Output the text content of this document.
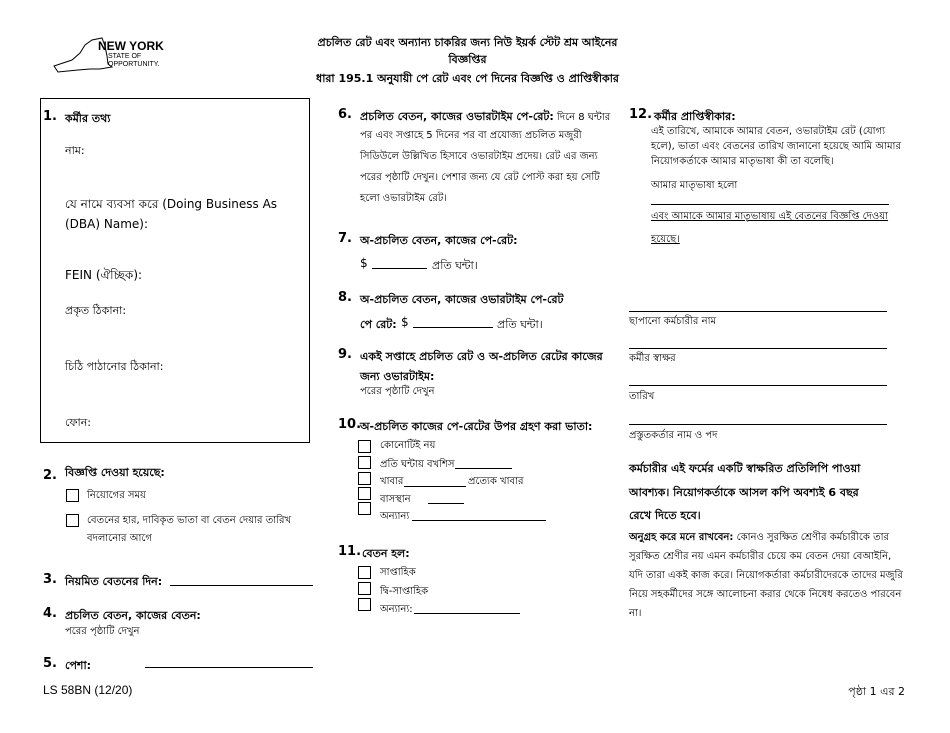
NEW YORK
STATE OF
OPPORTUNITY.
প্রচলিত রেট এবং অন্যান্য চাকরির জন্য নিউ ইয়র্ক স্টেট শ্রম আইনের
বিজ্ঞপ্তির
ধারা 195.1 অনুযায়ী পে রেট এবং পে দিনের বিজ্ঞপ্তি ও প্রাপ্তিস্বীকার
1. কর্মীর তথ্য
নাম:
যে নামে ব্যবসা করে (Doing Business As (DBA) Name):
FEIN (ঐচ্ছিক):
প্রকৃত ঠিকানা:
চিঠি পাঠানোর ঠিকানা:
ফোন:
2. বিজ্ঞপ্তি দেওয়া হয়েছে:
নিয়োগের সময়
বেতনের হার, দাবিকৃত ভাতা বা বেতন দেয়ার তারিখ
বদলানোর আগে
3. নিয়মিত বেতনের দিন:
4. প্রচলিত বেতন, কাজের বেতন:
পরের পৃষ্ঠাটি দেখুন
5. পেশা:
6. প্রচলিত বেতন, কাজের ওভারটাইম পে-রেট: দিনে 8 ঘন্টার
পর এবং সপ্তাহে 5 দিনের পর বা প্রযোজ্য প্রচলিত মজুরী
সিডিউলে উল্লিখিত হিসাবে ওভারটাইম প্রদেয়। রেট এর জন্য
পরের পৃষ্ঠাটি দেখুন। পেশার জন্য যে রেট পোস্ট করা হয় সেটি
হলো ওভারটাইম রেট।
7. অ-প্রচলিত বেতন, কাজের পে-রেট:
$	প্রতি ঘন্টা।
8. অ-প্রচলিত বেতন, কাজের ওভারটাইম পে-রেট
পে রেট: $	প্রতি ঘন্টা।
9. একই সপ্তাহে প্রচলিত রেট ও অ-প্রচলিত রেটের কাজের
জন্য ওভারটাইম:
পরের পৃষ্ঠাটি দেখুন
10.
অ-প্রচলিত কাজের পে-রেটের উপর গ্রহণ করা ভাতা:
কোনোটিই নয়
প্রতি ঘন্টায় বখশিস
খাবার	প্রত্যেক খাবার
বাসস্থান
অন্যান্য
11. বেতন হল:
সাপ্তাহিক
দ্বি-সাপ্তাহিক
অন্যান্য:
12. কর্মীর প্রাপ্তিস্বীকার:
এই তারিখে, আমাকে আমার বেতন, ওভারটাইম রেট (যোগ্য
হলে), ভাতা এবং বেতনের তারিখ জানানো হয়েছে আমি আমার
নিয়োগকর্তাকে আমার মাতৃভাষা কী তা বলেছি।
আমার মাতৃভাষা হলো
এবং আমাকে আমার মাতৃভাষায় এই বেতনের বিজ্ঞপ্তি দেওয়া
হয়েছে।
ছাপানো কর্মচারীর নাম
কর্মীর স্বাক্ষর
তারিখ
প্রস্তুতকর্তার নাম ও পদ
কর্মচারীর এই ফর্মের একটি স্বাক্ষরিত প্রতিলিপি পাওয়া
আবশ্যক। নিয়োগকর্তাকে আসল কপি অবশ্যই 6 বছর
রেখে দিতে হবে।
অনুগ্রহ করে মনে রাখবেন: কোনও সুরক্ষিত শ্রেণীর কর্মচারীকে তার
সুরক্ষিত শ্রেণীর নয় এমন কর্মচারীর চেয়ে কম বেতন দেয়া বেআইনি,
যদি তারা একই কাজ করে। নিয়োগকর্তারা কর্মচারীদেরকে তাদের মজুরি
নিয়ে সহকর্মীদের সঙ্গে আলোচনা করার থেকে নিষেধ করতেও পারবেন
না।
LS 58BN (12/20)	পৃষ্ঠা 1 এর 2
